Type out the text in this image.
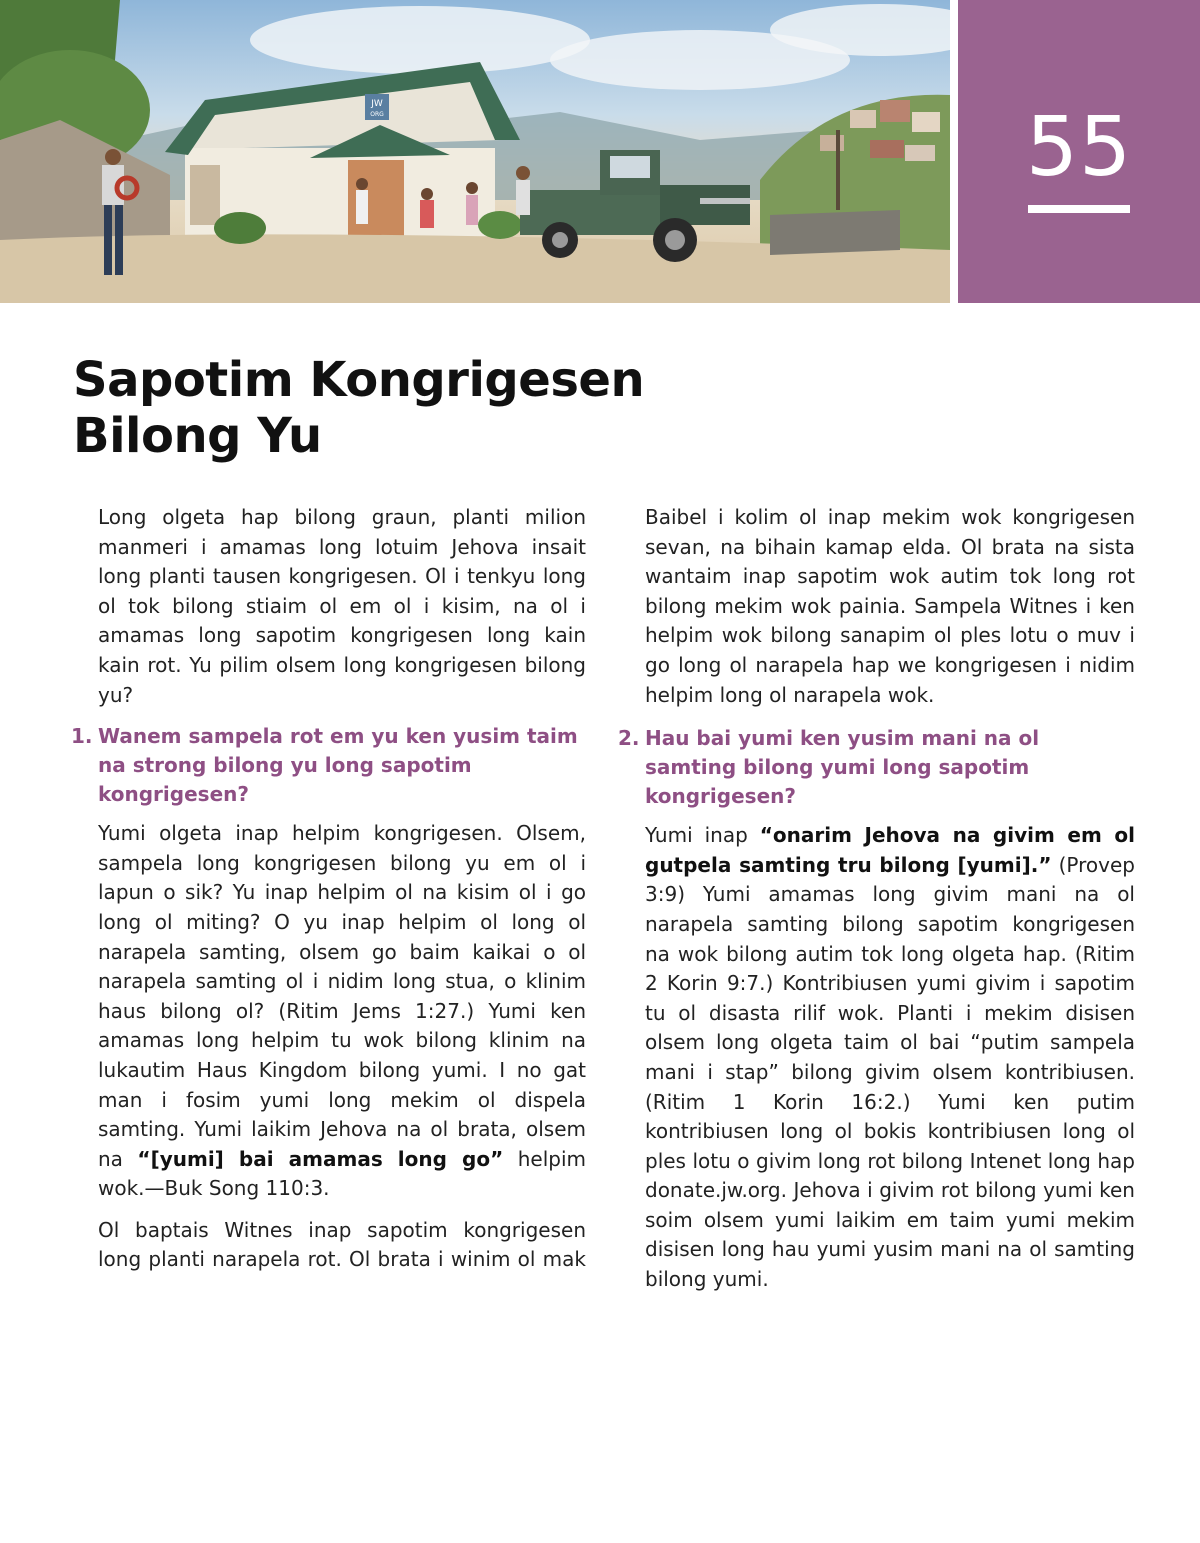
JW
ORG	55
Sapotim Kongrigesen
Bilong Yu

Long olgeta hap bilong graun, planti milion manmeri i amamas long lotuim Jehova insait long planti tausen kongrigesen. Ol i tenkyu long ol tok bilong stiaim ol em ol i kisim, na ol i amamas long sapotim kongrigesen long kain kain rot. Yu pilim olsem long kongrigesen bilong yu?

1. Wanem sampela rot em yu ken yusim taim na strong bilong yu long sapotim kongrigesen?

Yumi olgeta inap helpim kongrigesen. Olsem, sampela long kongrigesen bilong yu em ol i lapun o sik? Yu inap helpim ol na kisim ol i go long ol miting? O yu inap helpim ol long ol narapela samting, olsem go baim kaikai o ol narapela samting ol i nidim long stua, o klinim haus bilong ol? (Ritim Jems 1:27.) Yumi ken amamas long helpim tu wok bilong klinim na lukautim Haus Kingdom bilong yumi. I no gat man i fosim yumi long mekim ol dispela samting. Yumi laikim Jehova na ol brata, olsem na “[yumi] bai amamas long go” helpim wok.—Buk Song 110:3.

Ol baptais Witnes inap sapotim kongrigesen long planti narapela rot. Ol brata i winim ol mak

Baibel i kolim ol inap mekim wok kongrigesen sevan, na bihain kamap elda. Ol brata na sista wantaim inap sapotim wok autim tok long rot bilong mekim wok painia. Sampela Witnes i ken helpim wok bilong sanapim ol ples lotu o muv i go long ol narapela hap we kongrigesen i nidim helpim long ol narapela wok.

2. Hau bai yumi ken yusim mani na ol samting bilong yumi long sapotim kongrigesen?

Yumi inap “onarim Jehova na givim em ol gutpela samting tru bilong [yumi].” (Provep 3:9) Yumi amamas long givim mani na ol narapela samting bilong sapotim kongrigesen na wok bilong autim tok long olgeta hap. (Ritim 2 Korin 9:7.) Kontribiusen yumi givim i sapotim tu ol disasta rilif wok. Planti i mekim disisen olsem long olgeta taim ol bai “putim sampela mani i stap” bilong givim olsem kontribiusen. (Ritim 1 Korin 16:2.) Yumi ken putim kontribiusen long ol bokis kontribiusen long ol ples lotu o givim long rot bilong Intenet long hap donate.jw.org. Jehova i givim rot bilong yumi ken soim olsem yumi laikim em taim yumi mekim disisen long hau yumi yusim mani na ol samting bilong yumi.
